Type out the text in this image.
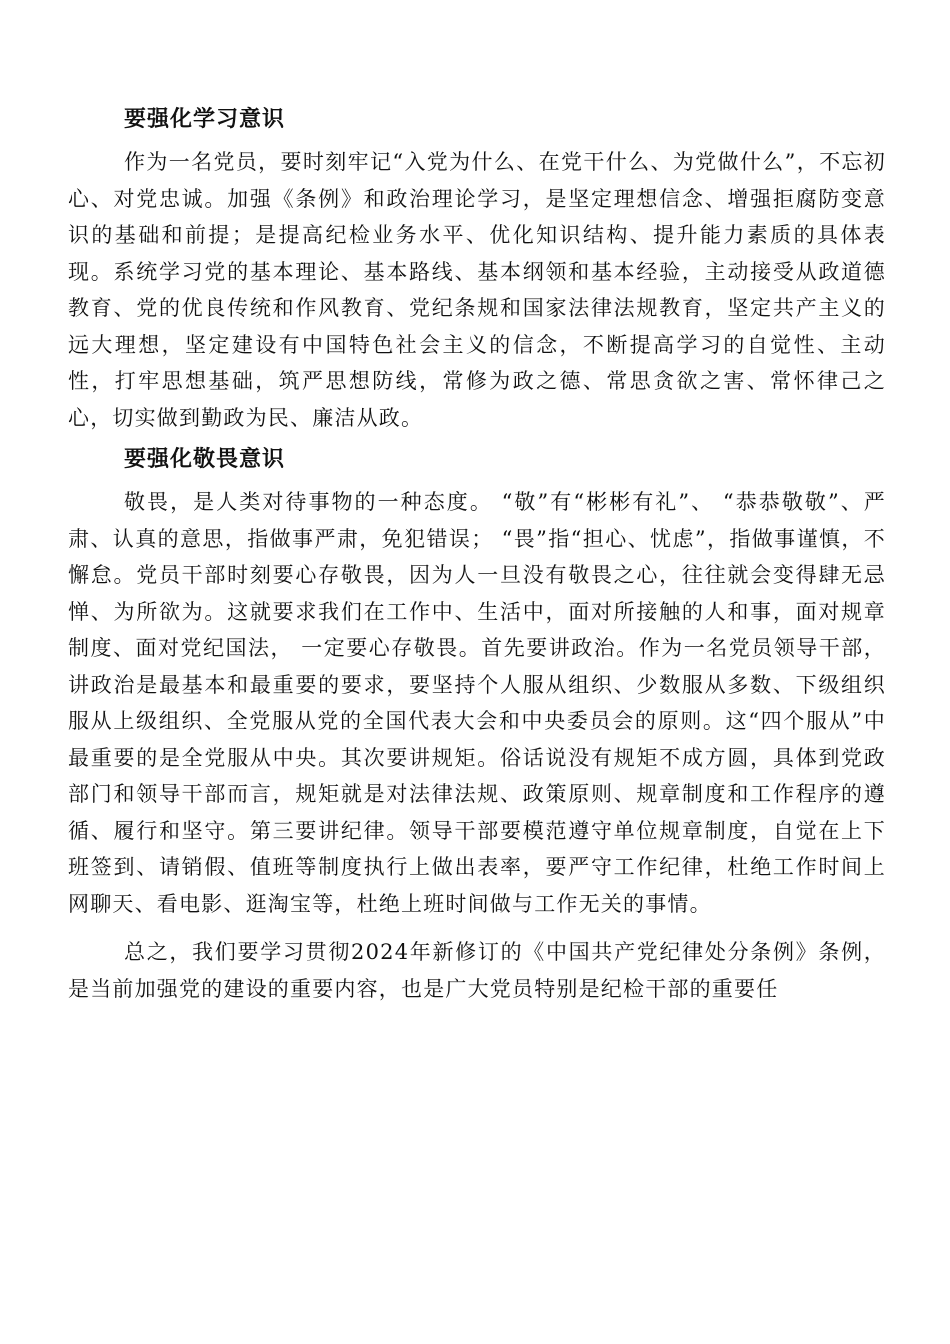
要强化学习意识

作为一名党员，要时刻牢记“入党为什么、在党干什么、为党做什么”，不忘初心、对党忠诚。加强《条例》和政治理论学习，是坚定理想信念、增强拒腐防变意识的基础和前提；是提高纪检业务水平、优化知识结构、提升能力素质的具体表现。系统学习党的基本理论、基本路线、基本纲领和基本经验，主动接受从政道德教育、党的优良传统和作风教育、党纪条规和国家法律法规教育，坚定共产主义的远大理想，坚定建设有中国特色社会主义的信念，不断提高学习的自觉性、主动性，打牢思想基础，筑严思想防线，常修为政之德、常思贪欲之害、常怀律己之心，切实做到勤政为民、廉洁从政。

要强化敬畏意识

敬畏，是人类对待事物的一种态度。 “敬”有“彬彬有礼”、 “恭恭敬敬”、严肃、认真的意思，指做事严肃，免犯错误； “畏”指“担心、忧虑”，指做事谨慎，不懈怠。党员干部时刻要心存敬畏，因为人一旦没有敬畏之心，往往就会变得肆无忌惮、为所欲为。这就要求我们在工作中、生活中，面对所接触的人和事，面对规章制度、面对党纪国法， 一定要心存敬畏。首先要讲政治。作为一名党员领导干部，讲政治是最基本和最重要的要求，要坚持个人服从组织、少数服从多数、下级组织服从上级组织、全党服从党的全国代表大会和中央委员会的原则。这“四个服从”中最重要的是全党服从中央。其次要讲规矩。俗话说没有规矩不成方圆，具体到党政部门和领导干部而言，规矩就是对法律法规、政策原则、规章制度和工作程序的遵循、履行和坚守。第三要讲纪律。领导干部要模范遵守单位规章制度，自觉在上下班签到、请销假、值班等制度执行上做出表率，要严守工作纪律，杜绝工作时间上网聊天、看电影、逛淘宝等，杜绝上班时间做与工作无关的事情。

总之，我们要学习贯彻2024年新修订的《中国共产党纪律处分条例》条例，是当前加强党的建设的重要内容，也是广大党员特别是纪检干部的重要任
